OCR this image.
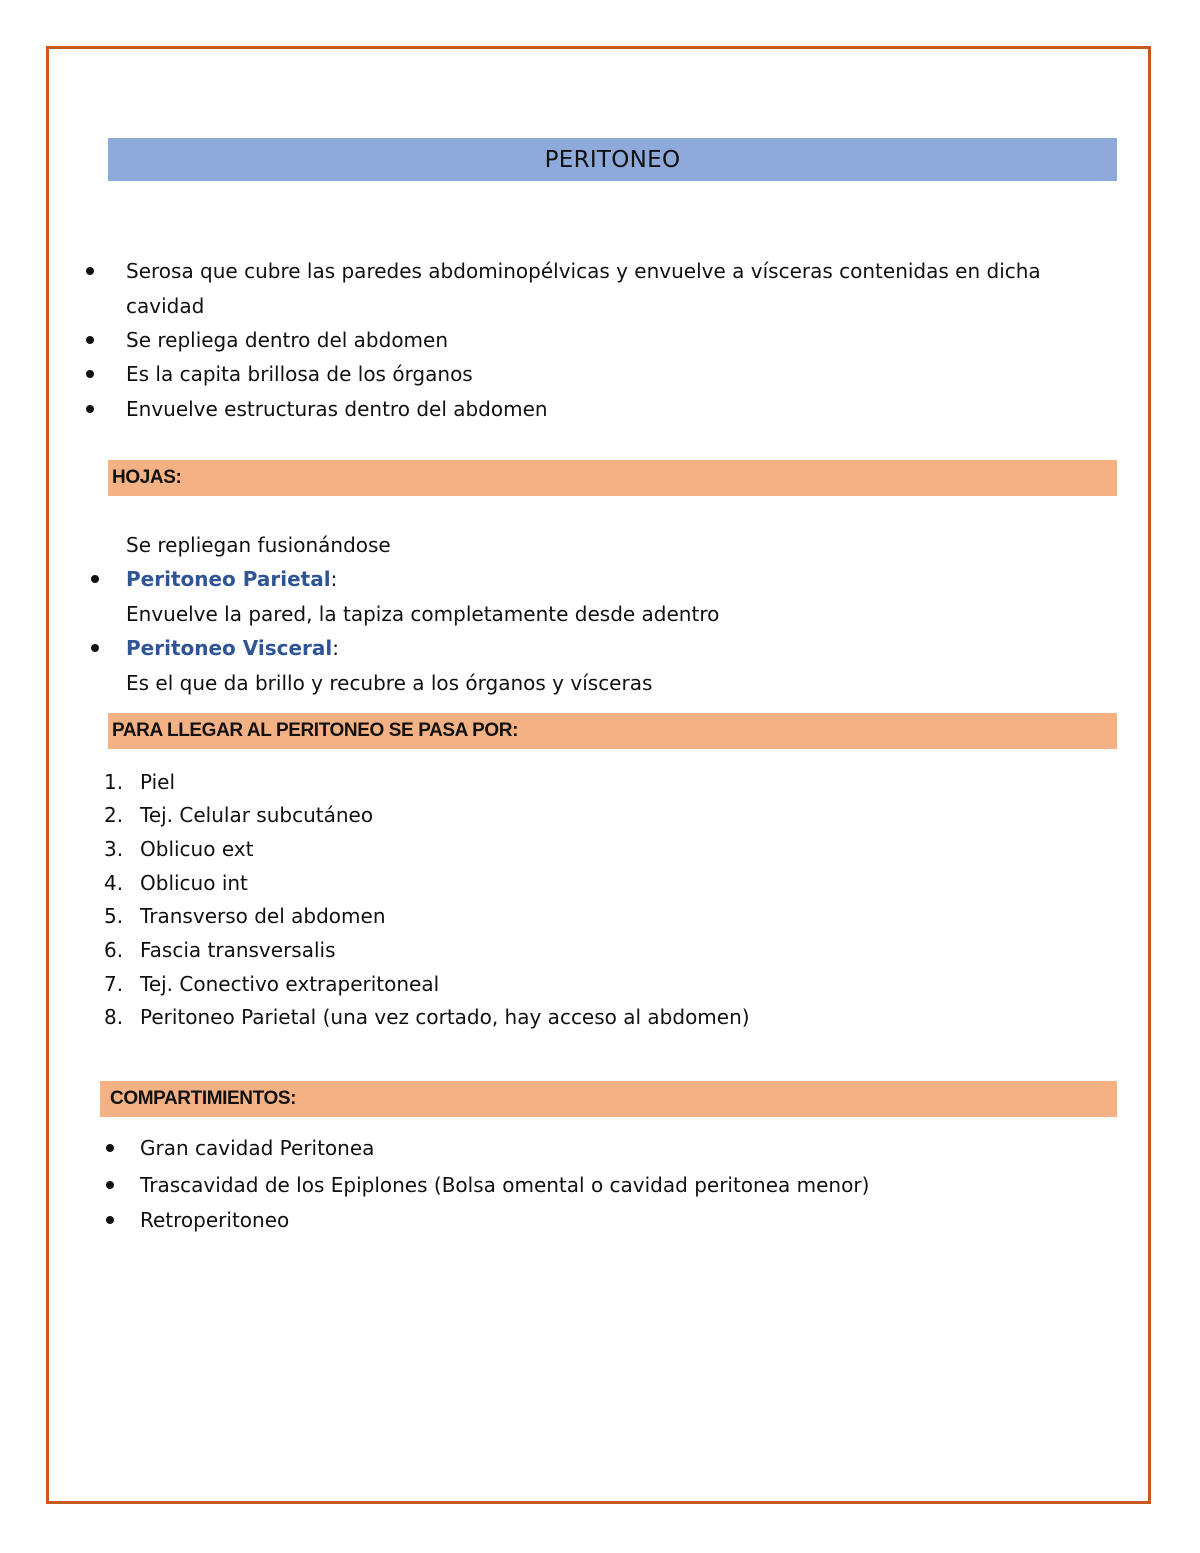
PERITONEO
Serosa que cubre las paredes abdominopélvicas y envuelve a vísceras contenidas en dicha
cavidad
Se repliega dentro del abdomen
Es la capita brillosa de los órganos
Envuelve estructuras dentro del abdomen
HOJAS:
Se repliegan fusionándose
Peritoneo Parietal:
Envuelve la pared, la tapiza completamente desde adentro
Peritoneo Visceral:
Es el que da brillo y recubre a los órganos y vísceras
PARA LLEGAR AL PERITONEO SE PASA POR:
1. Piel
2. Tej. Celular subcutáneo
3. Oblicuo ext
4. Oblicuo int
5. Transverso del abdomen
6. Fascia transversalis
7. Tej. Conectivo extraperitoneal
8. Peritoneo Parietal (una vez cortado, hay acceso al abdomen)
COMPARTIMIENTOS:
Gran cavidad Peritonea
Trascavidad de los Epiplones (Bolsa omental o cavidad peritonea menor)
Retroperitoneo
